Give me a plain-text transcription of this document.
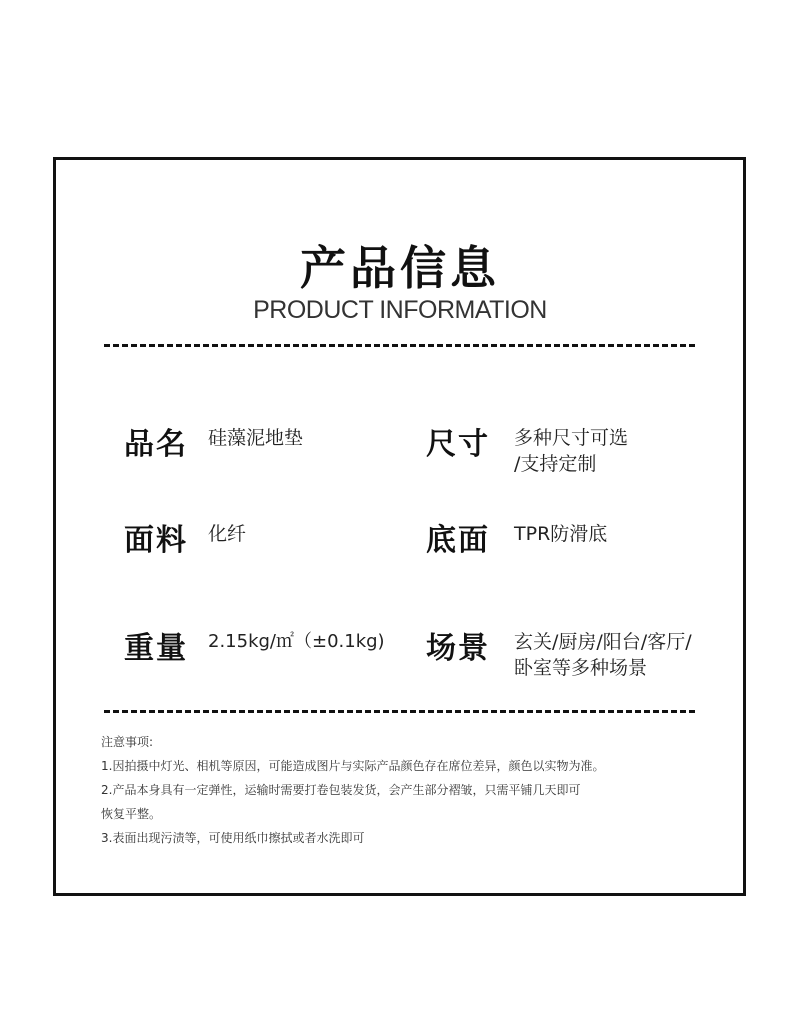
产品信息
PRODUCT INFORMATION
品名 硅藻泥地垫	尺寸 多种尺寸可选
/支持定制
面料 化纤	底面 TPR防滑底
重量 2.15kg/㎡（±0.1kg) 场景 玄关/厨房/阳台/客厅/
卧室等多种场景
注意事项:
1.因拍摄中灯光、相机等原因，可能造成图片与实际产品颜色存在席位差异，颜色以实物为准。
2.产品本身具有一定弹性，运输时需要打卷包装发货，会产生部分褶皱，只需平铺几天即可
恢复平整。
3.表面出现污渍等，可使用纸巾擦拭或者水洗即可
